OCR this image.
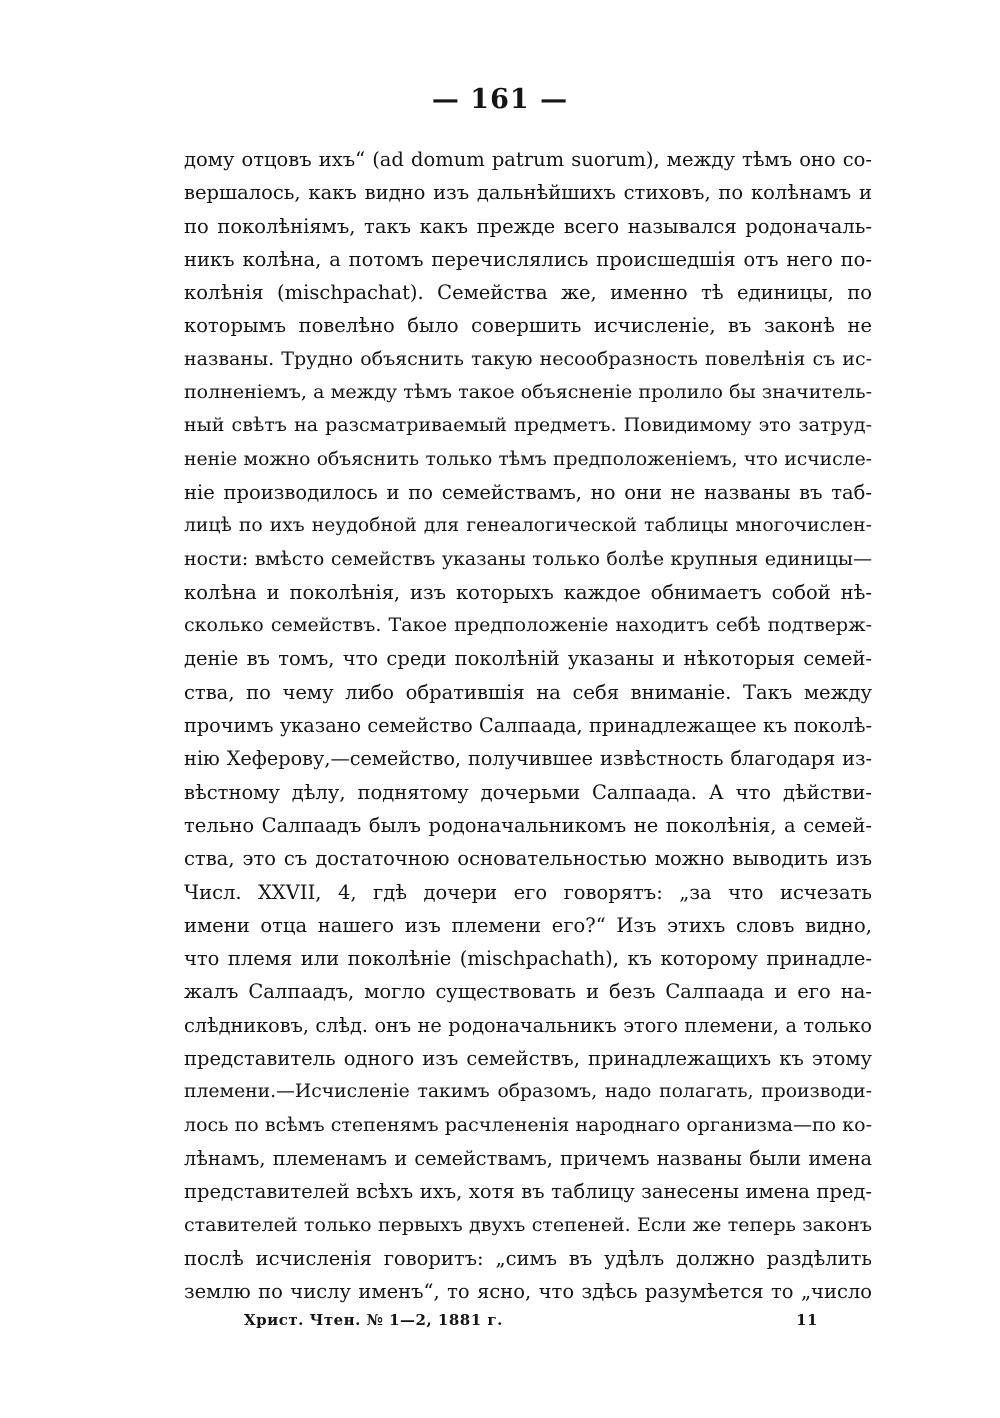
— 161 —
дому отцовъ ихъ“ (ad domum patrum suorum), между тѣмъ оно со-
вершалось, какъ видно изъ дальнѣйшихъ стиховъ, по колѣнамъ и
по поколѣніямъ, такъ какъ прежде всего назывался родоначаль-
никъ колѣна, а потомъ перечислялись происшедшія отъ него по-
колѣнія (mischpachat). Семейства же, именно тѣ единицы, по
которымъ повелѣно было совершить исчисленіе, въ законѣ не
названы. Трудно объяснить такую несообразность повелѣнія съ ис-
полненіемъ, а между тѣмъ такое объясненіе пролило бы значитель-
ный свѣтъ на разсматриваемый предметъ. Повидимому это затруд-
неніе можно объяснить только тѣмъ предположеніемъ, что исчисле-
ніе производилось и по семействамъ, но они не названы въ таб-
лицѣ по ихъ неудобной для генеалогической таблицы многочислен-
ности: вмѣсто семействъ указаны только болѣе крупныя единицы—
колѣна и поколѣнія, изъ которыхъ каждое обнимаетъ собой нѣ-
сколько семействъ. Такое предположеніе находитъ себѣ подтверж-
деніе въ томъ, что среди поколѣній указаны и нѣкоторыя семей-
ства, по чему либо обратившія на себя вниманіе. Такъ между
прочимъ указано семейство Салпаада, принадлежащее къ поколѣ-
нію Хеферову,—семейство, получившее извѣстность благодаря из-
вѣстному дѣлу, поднятому дочерьми Салпаада. А что дѣйстви-
тельно Салпаадъ былъ родоначальникомъ не поколѣнія, а семей-
ства, это съ достаточною основательностью можно выводить изъ
Числ. XXVII, 4, гдѣ дочери его говорятъ: „за что исчезать
имени отца нашего изъ племени его?“ Изъ этихъ словъ видно,
что племя или поколѣніе (mischpachath), къ которому принадле-
жалъ Салпаадъ, могло существовать и безъ Салпаада и его на-
слѣдниковъ, слѣд. онъ не родоначальникъ этого племени, а только
представитель одного изъ семействъ, принадлежащихъ къ этому
племени.—Исчисленіе такимъ образомъ, надо полагать, производи-
лось по всѣмъ степенямъ расчлененія народнаго организма—по ко-
лѣнамъ, племенамъ и семействамъ, причемъ названы были имена
представителей всѣхъ ихъ, хотя въ таблицу занесены имена пред-
ставителей только первыхъ двухъ степеней. Если же теперь законъ
послѣ исчисленія говоритъ: „симъ въ удѣлъ должно раздѣлить
землю по числу именъ“, то ясно, что здѣсь разумѣется то „число
Христ. Чтен. № 1—2, 1881 г.	11
